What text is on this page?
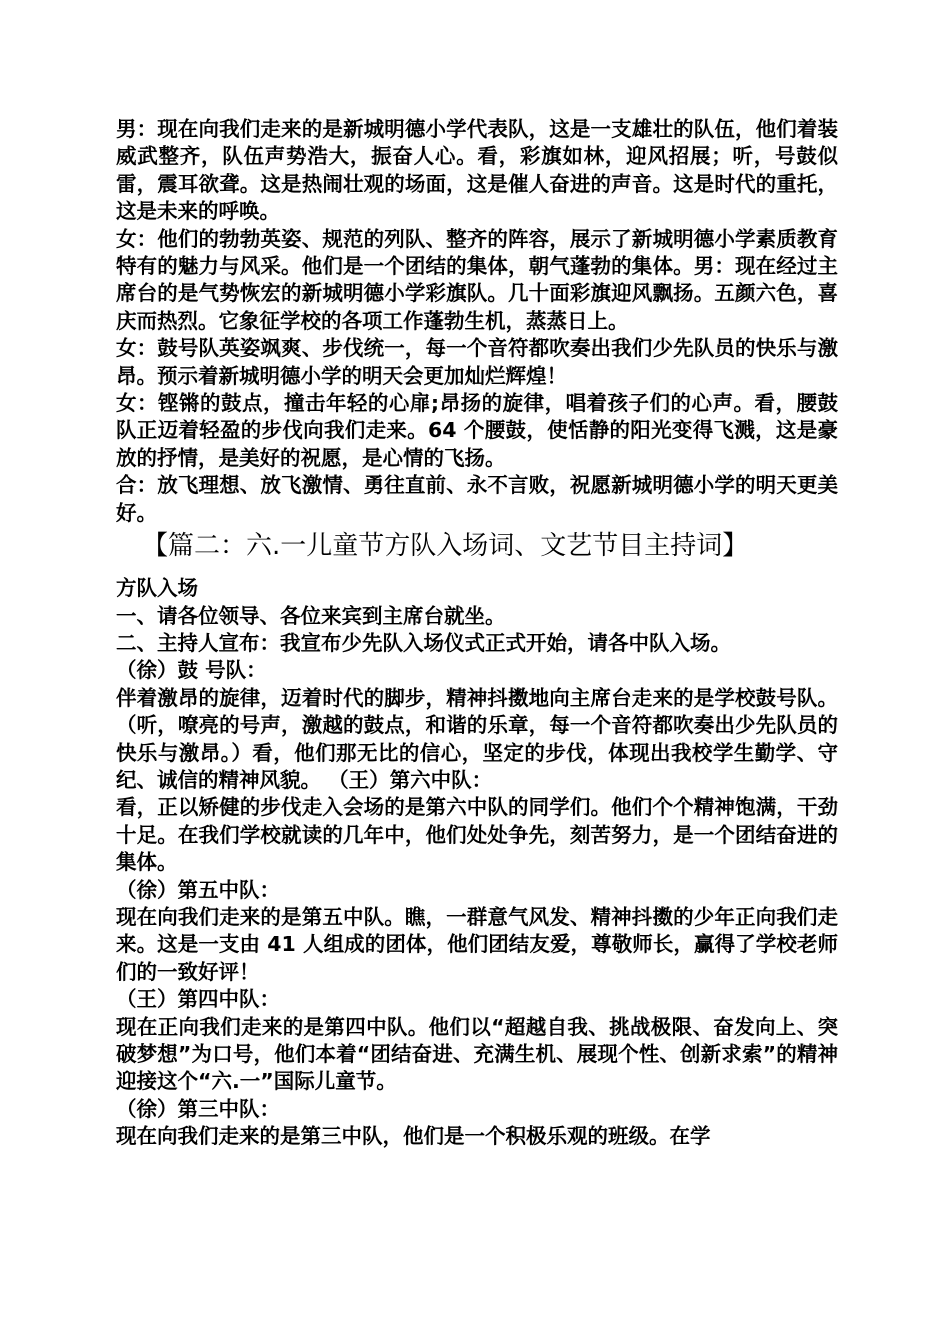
男：现在向我们走来的是新城明德小学代表队，这是一支雄壮的队伍，他们着装威武整齐，队伍声势浩大，振奋人心。看，彩旗如林，迎风招展；听，号鼓似雷，震耳欲聋。这是热闹壮观的场面，这是催人奋进的声音。这是时代的重托，这是未来的呼唤。

女：他们的勃勃英姿、规范的列队、整齐的阵容，展示了新城明德小学素质教育特有的魅力与风采。他们是一个团结的集体，朝气蓬勃的集体。男：现在经过主席台的是气势恢宏的新城明德小学彩旗队。几十面彩旗迎风飘扬。五颜六色，喜庆而热烈。它象征学校的各项工作蓬勃生机，蒸蒸日上。

女：鼓号队英姿飒爽、步伐统一，每一个音符都吹奏出我们少先队员的快乐与激昂。预示着新城明德小学的明天会更加灿烂辉煌！

女：铿锵的鼓点，撞击年轻的心扉;昂扬的旋律，唱着孩子们的心声。看，腰鼓队正迈着轻盈的步伐向我们走来。64 个腰鼓，使恬静的阳光变得飞溅，这是豪放的抒情，是美好的祝愿，是心情的飞扬。

合：放飞理想、放飞激情、勇往直前、永不言败，祝愿新城明德小学的明天更美好。

【篇二：六.一儿童节方队入场词、文艺节目主持词】

方队入场

一、请各位领导、各位来宾到主席台就坐。

二、主持人宣布：我宣布少先队入场仪式正式开始，请各中队入场。

（徐）鼓 号队：

伴着激昂的旋律，迈着时代的脚步，精神抖擞地向主席台走来的是学校鼓号队。（听，嘹亮的号声，激越的鼓点，和谐的乐章，每一个音符都吹奏出少先队员的快乐与激昂。）看，他们那无比的信心，坚定的步伐，体现出我校学生勤学、守纪、诚信的精神风貌。 （王）第六中队：

看，正以矫健的步伐走入会场的是第六中队的同学们。他们个个精神饱满，干劲十足。在我们学校就读的几年中，他们处处争先，刻苦努力，是一个团结奋进的集体。

（徐）第五中队：

现在向我们走来的是第五中队。瞧，一群意气风发、精神抖擞的少年正向我们走来。这是一支由 41 人组成的团体，他们团结友爱，尊敬师长，赢得了学校老师们的一致好评！

（王）第四中队：

现在正向我们走来的是第四中队。他们以“超越自我、挑战极限、奋发向上、突破梦想”为口号，他们本着“团结奋进、充满生机、展现个性、创新求索”的精神迎接这个“六.一”国际儿童节。

（徐）第三中队：

现在向我们走来的是第三中队，他们是一个积极乐观的班级。在学
